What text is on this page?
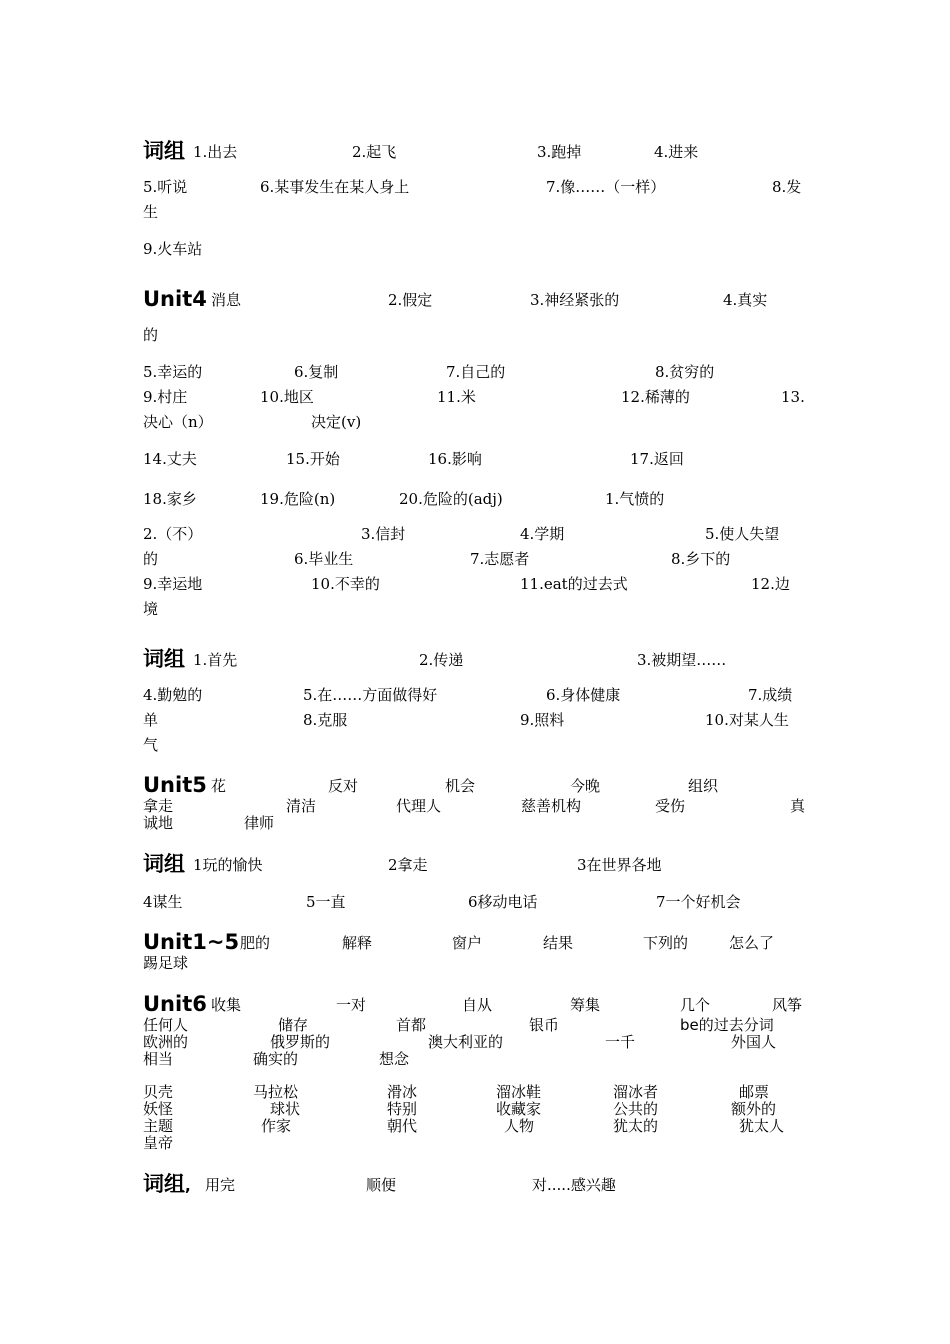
词组 1.出去	2.起飞	3.跑掉	4.进来
5.听说	6.某事发生在某人身上	7.像……（一样）	8.发
生
9.火车站
Unit4 消息	2.假定	3.神经紧张的	4.真实
的
5.幸运的	6.复制	7.自己的	8.贫穷的
9.村庄	10.地区	11.米	12.稀薄的	13.
决心（n）	决定(v)
14.丈夫	15.开始	16.影响	17.返回
18.家乡	19.危险(n)	20.危险的(adj)	1.气愤的
2.（不）	3.信封	4.学期	5.使人失望
的	6.毕业生	7.志愿者	8.乡下的
9.幸运地	10.不幸的	11.eat的过去式	12.边
境
词组 1.首先	2.传递	3.被期望……
4.勤勉的	5.在……方面做得好	6.身体健康	7.成绩
单	8.克服	9.照料	10.对某人生
气
Unit5 花	反对	机会	今晚	组织
拿走	清洁	代理人	慈善机构	受伤	真
诚地	律师
词组 1玩的愉快	2拿走	3在世界各地
4谋生	5一直	6移动电话	7一个好机会
Unit1~5 肥的	解释	窗户	结果	下列的	怎么了
踢足球
Unit6 收集	一对	自从	筹集	几个	风筝
任何人	储存	首都	银币	be的过去分词
欧洲的	俄罗斯的	澳大利亚的	一千	外国人
相当	确实的	想念
贝壳	马拉松	滑冰	溜冰鞋	溜冰者	邮票
妖怪	球状	特别	收藏家	公共的	额外的
主题	作家	朝代	人物	犹太的	犹太人
皇帝
词组, 用完	顺便	对.....感兴趣
